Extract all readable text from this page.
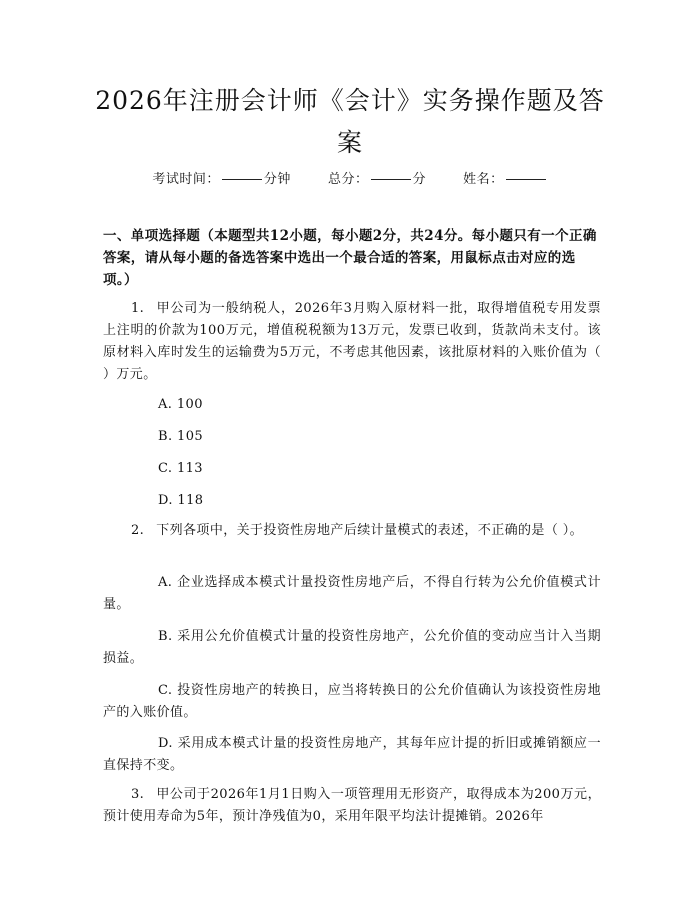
2026年注册会计师《会计》实务操作题及答案
考试时间：	分钟	总分：	分	姓名：
一、单项选择题（本题型共12小题，每小题2分，共24分。每小题只有一个正确答案，请从每小题的备选答案中选出一个最合适的答案，用鼠标点击对应的选项。）
1. 甲公司为一般纳税人，2026年3月购入原材料一批，取得增值税专用发票上注明的价款为100万元，增值税税额为13万元，发票已收到，货款尚未支付。该原材料入库时发生的运输费为5万元，不考虑其他因素，该批原材料的入账价值为（ ）万元。
A. 100
B. 105
C. 113
D. 118
2. 下列各项中，关于投资性房地产后续计量模式的表述，不正确的是（ ）。
A. 企业选择成本模式计量投资性房地产后，不得自行转为公允价值模式计量。
B. 采用公允价值模式计量的投资性房地产，公允价值的变动应当计入当期损益。
C. 投资性房地产的转换日，应当将转换日的公允价值确认为该投资性房地产的入账价值。
D. 采用成本模式计量的投资性房地产，其每年应计提的折旧或摊销额应一直保持不变。
3. 甲公司于2026年1月1日购入一项管理用无形资产，取得成本为200万元，预计使用寿命为5年，预计净残值为0，采用年限平均法计提摊销。2026年
